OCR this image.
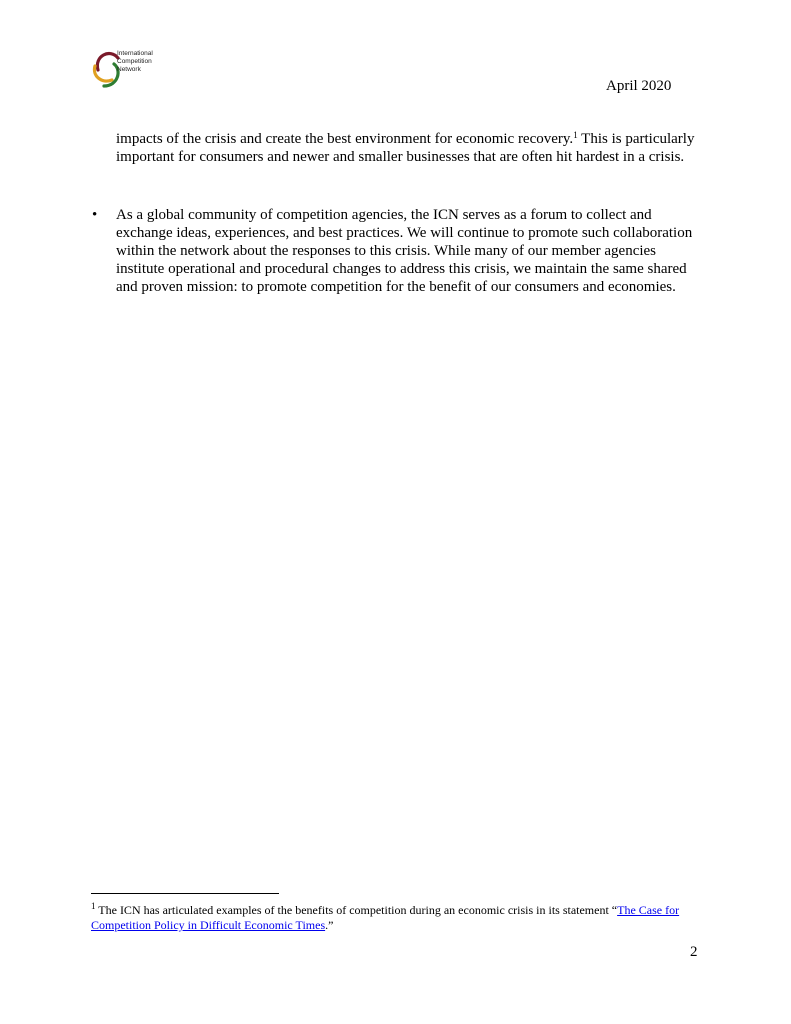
International
Competition
Network
April 2020
impacts of the crisis and create the best environment for economic recovery.$^1$ This is particularly important for consumers and newer and smaller businesses that are often hit hardest in a crisis.
•	As a global community of competition agencies, the ICN serves as a forum to collect and exchange ideas, experiences, and best practices. We will continue to promote such collaboration within the network about the responses to this crisis. While many of our member agencies institute operational and procedural changes to address this crisis, we maintain the same shared and proven mission: to promote competition for the benefit of our consumers and economies.
$^1$ The ICN has articulated examples of the benefits of competition during an economic crisis in its statement “The Case for Competition Policy in Difficult Economic Times.”
2
